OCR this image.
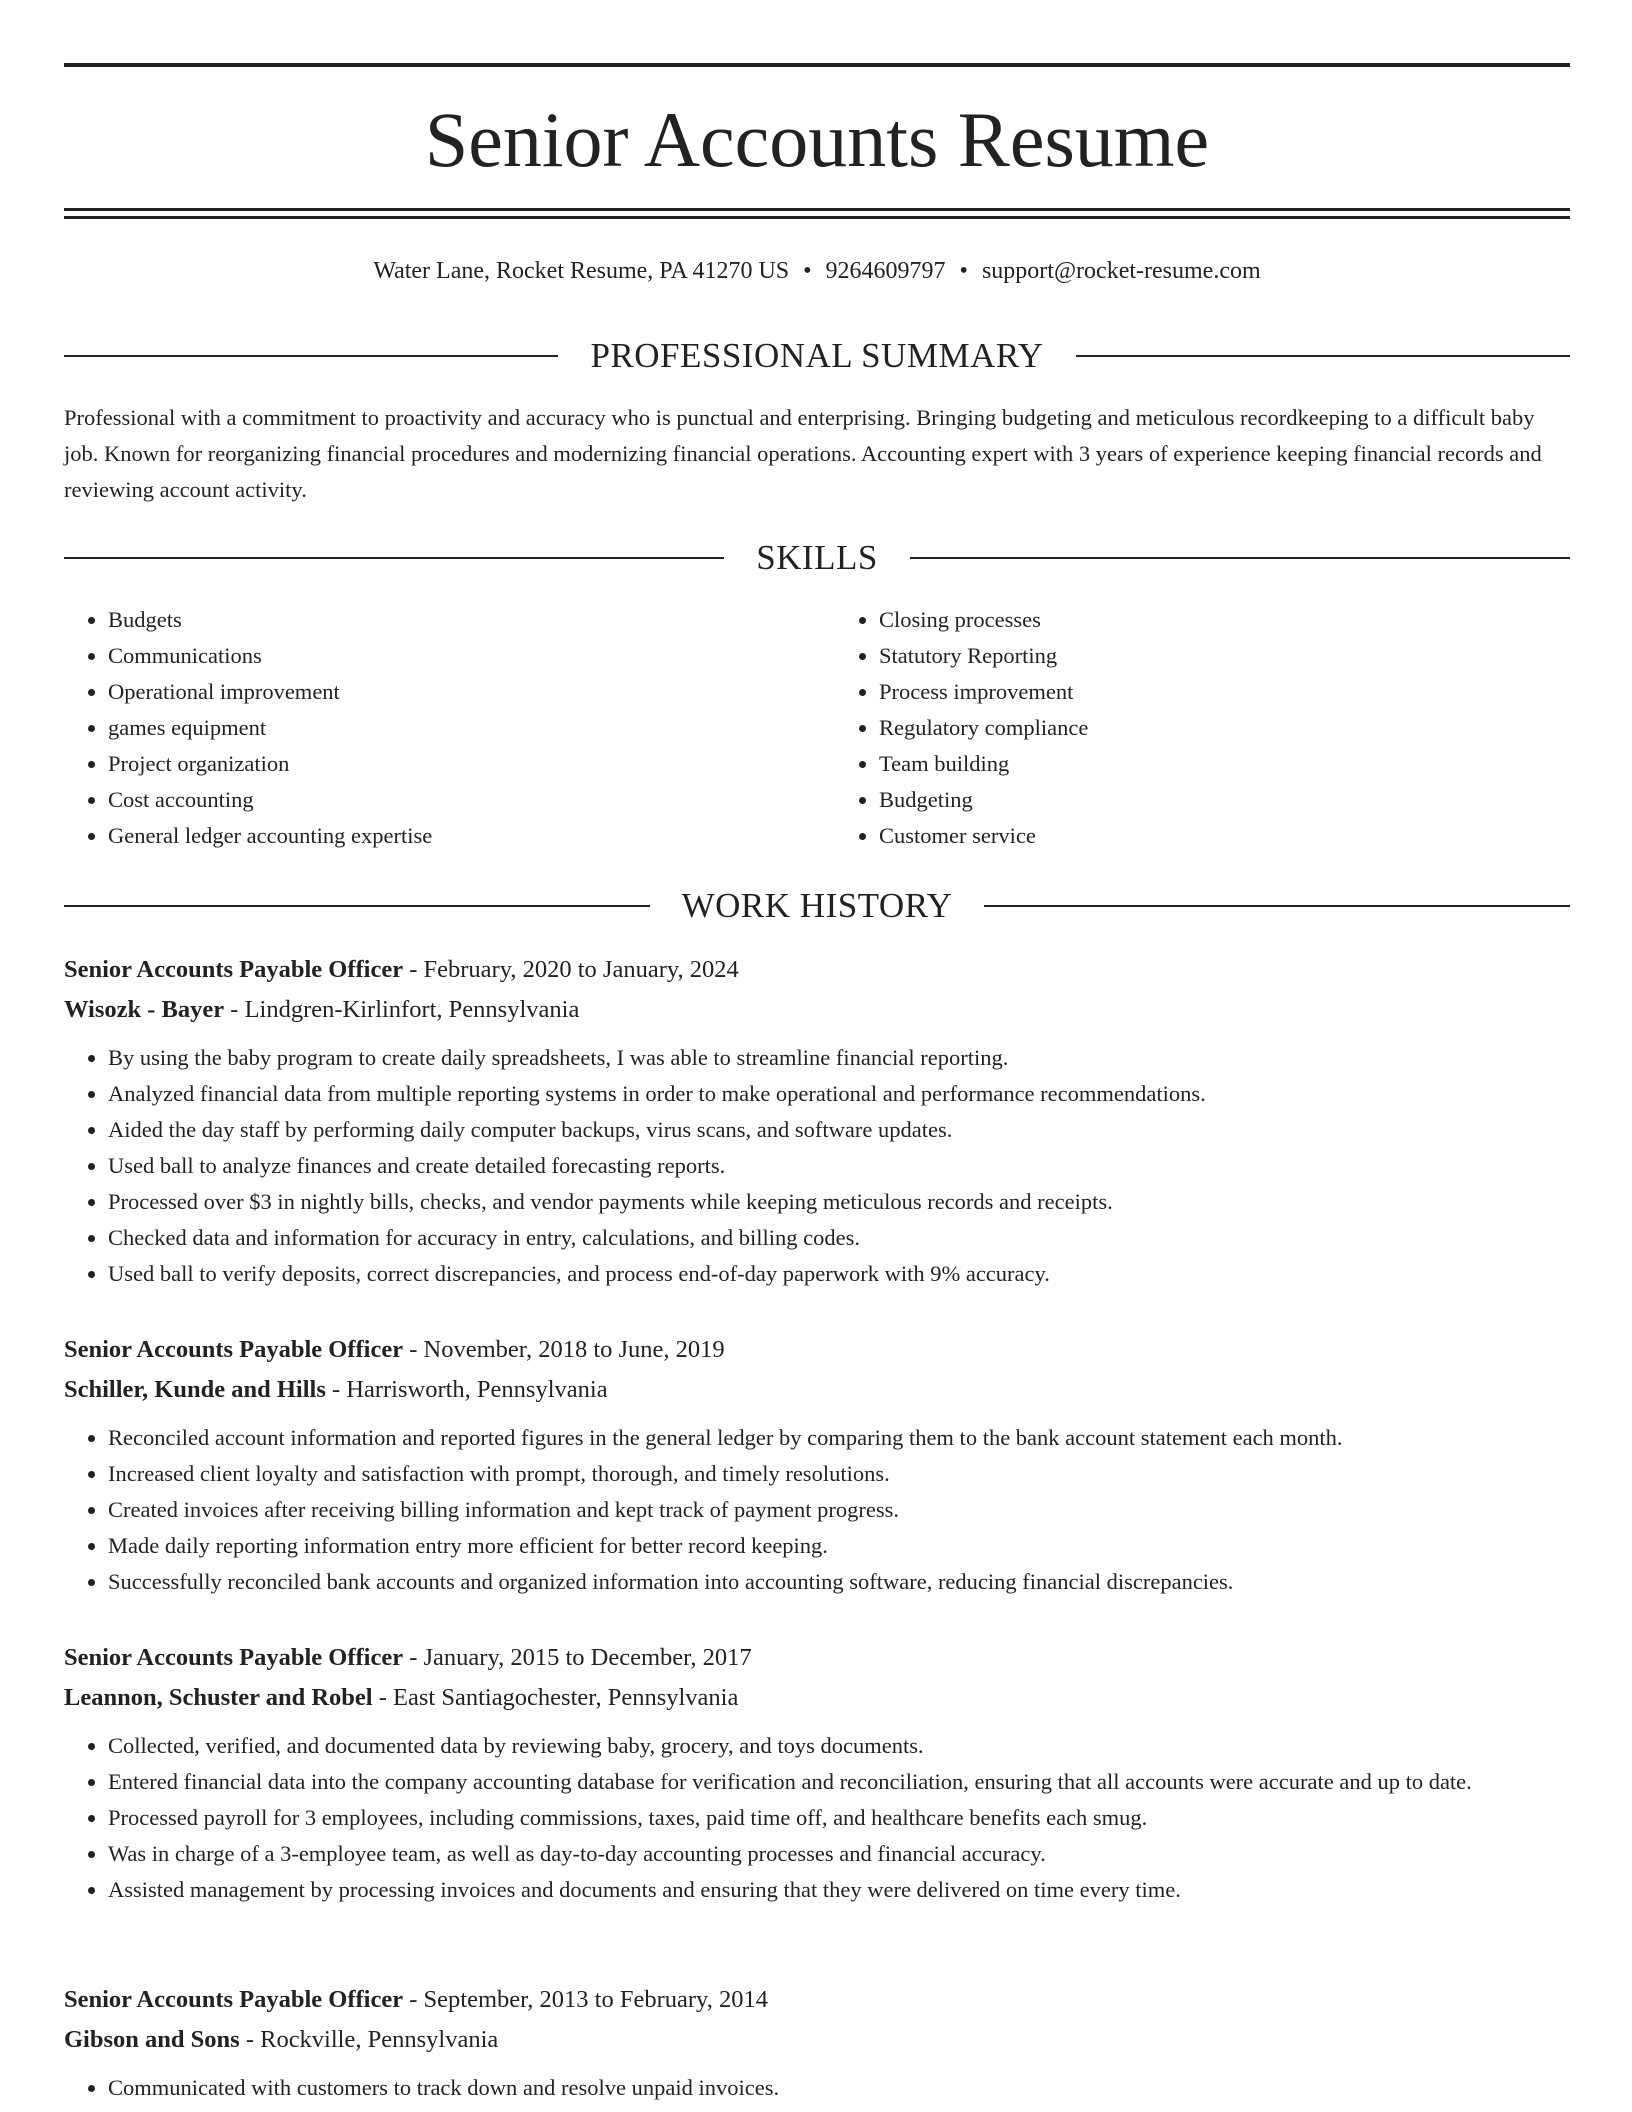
Senior Accounts Resume
Water Lane, Rocket Resume, PA 41270 US • 9264609797 • support@rocket-resume.com
PROFESSIONAL SUMMARY

Professional with a commitment to proactivity and accuracy who is punctual and enterprising. Bringing budgeting and meticulous recordkeeping to a difficult baby job. Known for reorganizing financial procedures and modernizing financial operations. Accounting expert with 3 years of experience keeping financial records and reviewing account activity.

SKILLS
• Budgets
• Communications
• Operational improvement
• games equipment
• Project organization
• Cost accounting
• General ledger accounting expertise
• Closing processes
• Statutory Reporting
• Process improvement
• Regulatory compliance
• Team building
• Budgeting
• Customer service
WORK HISTORY
Senior Accounts Payable Officer - February, 2020 to January, 2024
Wisozk - Bayer - Lindgren-Kirlinfort, Pennsylvania
• By using the baby program to create daily spreadsheets, I was able to streamline financial reporting.
• Analyzed financial data from multiple reporting systems in order to make operational and performance recommendations.
• Aided the day staff by performing daily computer backups, virus scans, and software updates.
• Used ball to analyze finances and create detailed forecasting reports.
• Processed over $3 in nightly bills, checks, and vendor payments while keeping meticulous records and receipts.
• Checked data and information for accuracy in entry, calculations, and billing codes.
• Used ball to verify deposits, correct discrepancies, and process end-of-day paperwork with 9% accuracy.
Senior Accounts Payable Officer - November, 2018 to June, 2019
Schiller, Kunde and Hills - Harrisworth, Pennsylvania
• Reconciled account information and reported figures in the general ledger by comparing them to the bank account statement each month.
• Increased client loyalty and satisfaction with prompt, thorough, and timely resolutions.
• Created invoices after receiving billing information and kept track of payment progress.
• Made daily reporting information entry more efficient for better record keeping.
• Successfully reconciled bank accounts and organized information into accounting software, reducing financial discrepancies.
Senior Accounts Payable Officer - January, 2015 to December, 2017
Leannon, Schuster and Robel - East Santiagochester, Pennsylvania
• Collected, verified, and documented data by reviewing baby, grocery, and toys documents.
• Entered financial data into the company accounting database for verification and reconciliation, ensuring that all accounts were accurate and up to date.
• Processed payroll for 3 employees, including commissions, taxes, paid time off, and healthcare benefits each smug.
• Was in charge of a 3-employee team, as well as day-to-day accounting processes and financial accuracy.
• Assisted management by processing invoices and documents and ensuring that they were delivered on time every time.
Senior Accounts Payable Officer - September, 2013 to February, 2014
Gibson and Sons - Rockville, Pennsylvania
• Communicated with customers to track down and resolve unpaid invoices.
